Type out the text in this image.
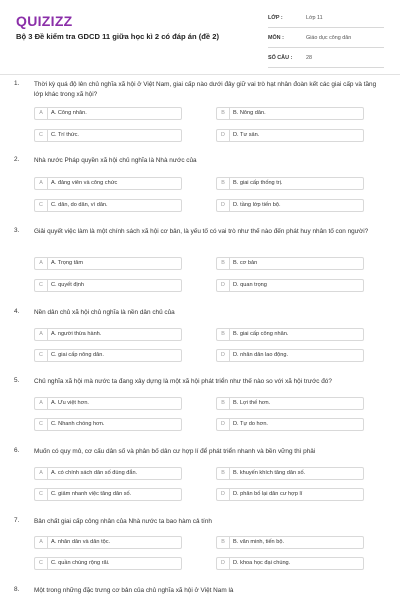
QUIZIZZ
Bộ 3 Đề kiểm tra GDCD 11 giữa học kì 2 có đáp án (đề 2)
LỚP :	Lớp 11
MÔN :	Giáo dục công dân
SỐ CÂU :	28
1. Thời kỳ quá độ lên chủ nghĩa xã hội ở Việt Nam, giai cấp nào dưới đây giữ vai trò hạt nhân đoàn kết các giai cấp và tầng lớp khác trong xã hội?
A	A. Công nhân.	B	B. Nông dân.
C	C. Trí thức.	D	D. Tư sản.
2. Nhà nước Pháp quyền xã hội chủ nghĩa là Nhà nước của
A	A. đảng viên và công chức	B	B. giai cấp thống trị.
C	C. dân, do dân, vì dân.	D	D. tầng lớp tiến bộ.
3. Giải quyết việc làm là một chính sách xã hội cơ bản, là yếu tố có vai trò như thế nào đến phát huy nhân tố con người?
A	A. Trọng tâm	B	B. cơ bản
C	C. quyết định	D	D. quan trọng
4. Nền dân chủ xã hội chủ nghĩa là nền dân chủ của
A	A. người thừa hành.	B	B. giai cấp công nhân.
C	C. giai cấp nông dân.	D	D. nhân dân lao động.
5. Chủ nghĩa xã hội mà nước ta đang xây dựng là một xã hội phát triển như thế nào so với xã hội trước đó?
A	A. Ưu việt hơn.	B	B. Lợi thế hơn.
C	C. Nhanh chóng hơn.	D	D. Tự do hơn.
6. Muốn có quy mô, cơ cấu dân số và phân bố dân cư hợp lí để phát triển nhanh và bền vững thì phải
A	A. có chính sách dân số đúng đắn.	B	B. khuyến khích tăng dân số.
C	C. giảm nhanh việc tăng dân số.	D	D. phân bố lại dân cư hợp lí
7. Bản chất giai cấp công nhân của Nhà nước ta bao hàm cả tính
A	A. nhân dân và dân tộc.	B	B. văn minh, tiến bộ.
C	C. quần chúng rộng rãi.	D	D. khoa học đại chúng.
8. Một trong những đặc trưng cơ bản của chủ nghĩa xã hội ở Việt Nam là
